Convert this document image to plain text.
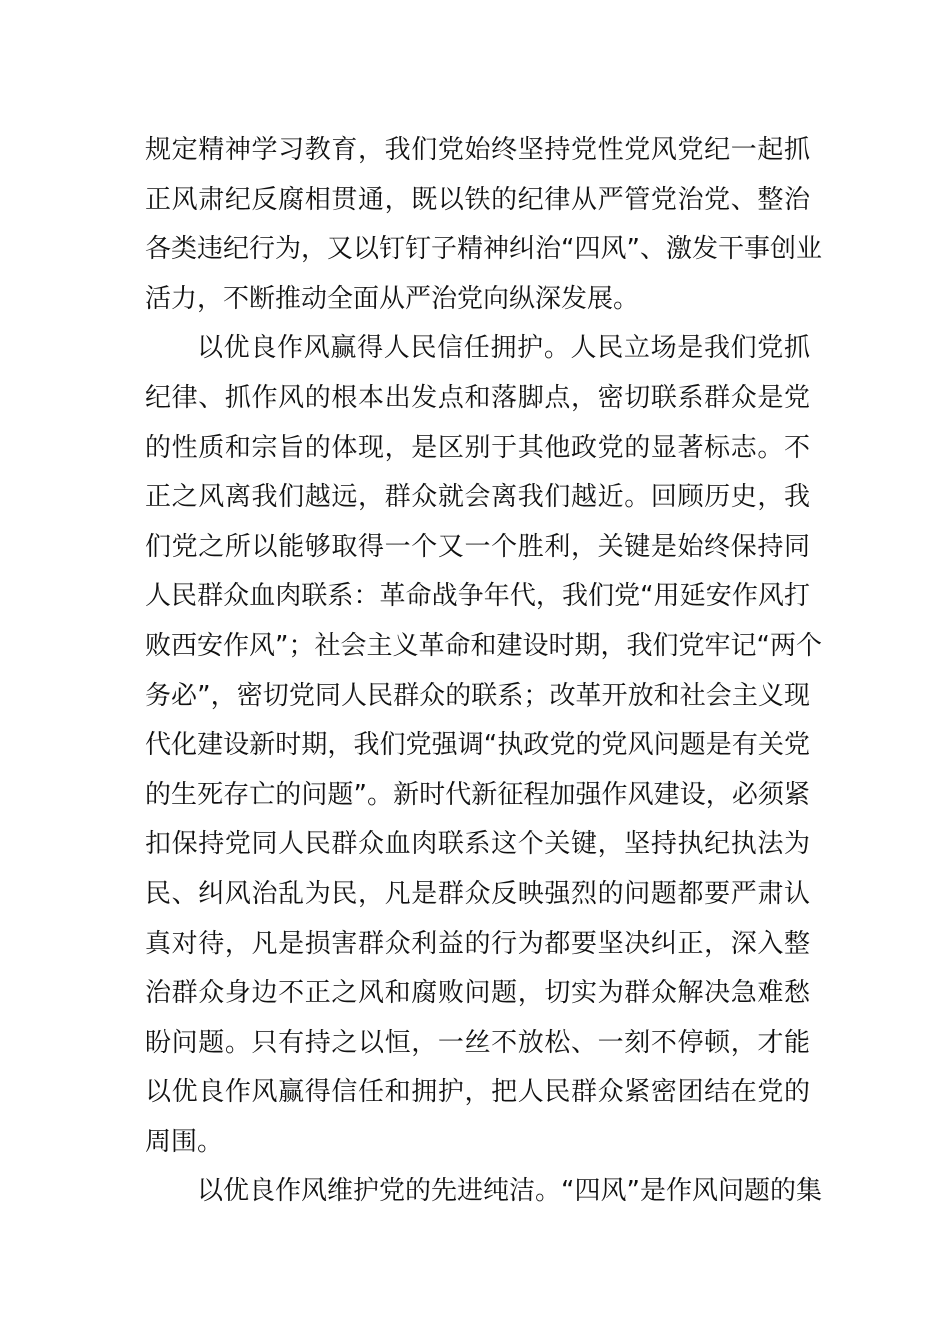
规定精神学习教育，我们党始终坚持党性党风党纪一起抓
正风肃纪反腐相贯通，既以铁的纪律从严管党治党、整治
各类违纪行为，又以钉钉子精神纠治“四风”、激发干事创业
活力，不断推动全面从严治党向纵深发展。
以优良作风赢得人民信任拥护。人民立场是我们党抓
纪律、抓作风的根本出发点和落脚点，密切联系群众是党
的性质和宗旨的体现，是区别于其他政党的显著标志。不
正之风离我们越远，群众就会离我们越近。回顾历史，我
们党之所以能够取得一个又一个胜利，关键是始终保持同
人民群众血肉联系：革命战争年代，我们党“用延安作风打
败西安作风”；社会主义革命和建设时期，我们党牢记“两个
务必”，密切党同人民群众的联系；改革开放和社会主义现
代化建设新时期，我们党强调“执政党的党风问题是有关党
的生死存亡的问题”。新时代新征程加强作风建设，必须紧
扣保持党同人民群众血肉联系这个关键，坚持执纪执法为
民、纠风治乱为民，凡是群众反映强烈的问题都要严肃认
真对待，凡是损害群众利益的行为都要坚决纠正，深入整
治群众身边不正之风和腐败问题，切实为群众解决急难愁
盼问题。只有持之以恒，一丝不放松、一刻不停顿，才能
以优良作风赢得信任和拥护，把人民群众紧密团结在党的
周围。
以优良作风维护党的先进纯洁。“四风”是作风问题的集
